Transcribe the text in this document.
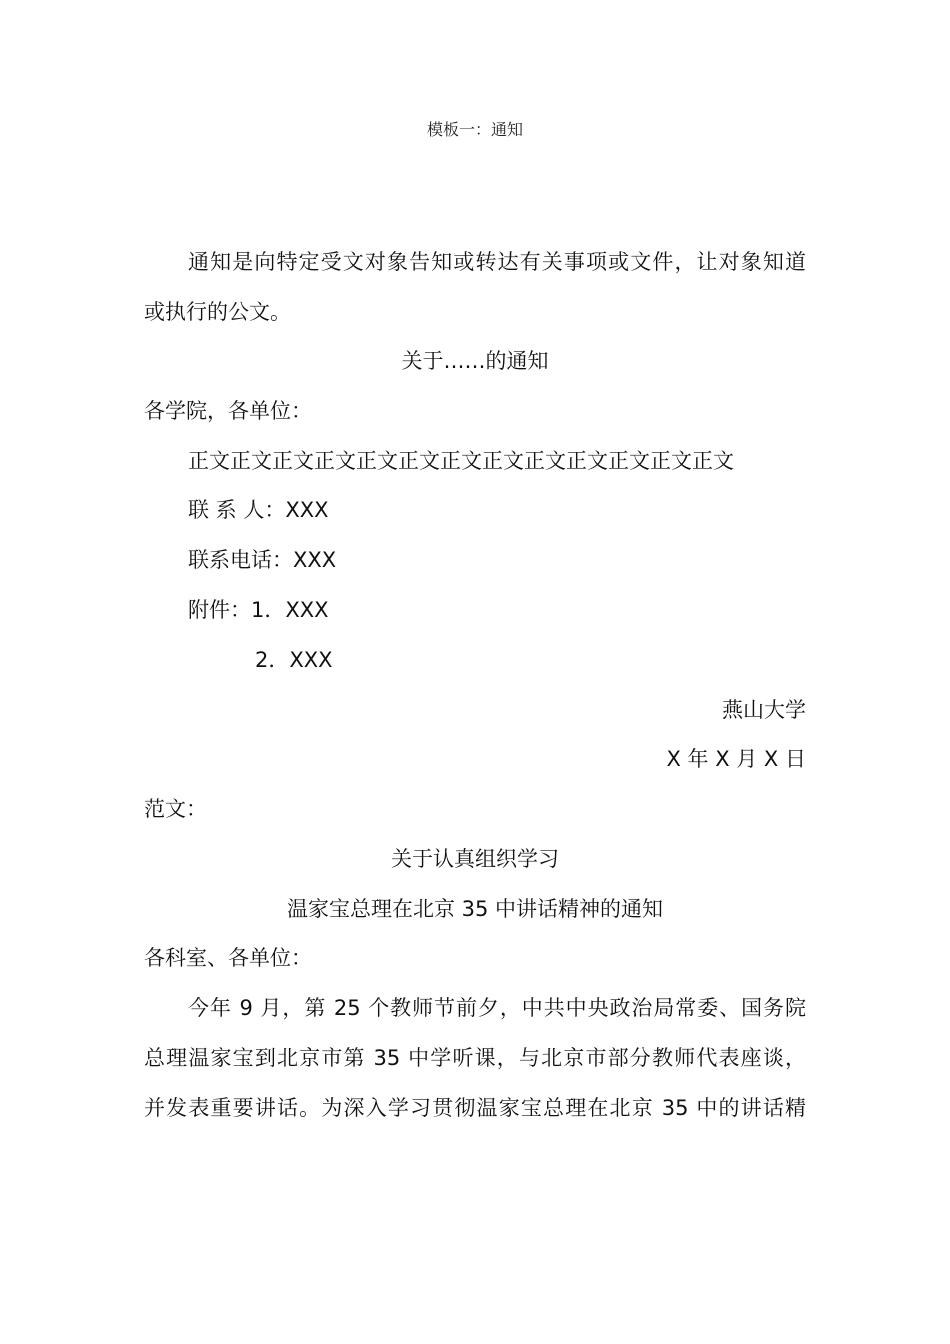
模板一：通知
通知是向特定受文对象告知或转达有关事项或文件，让对象知道
或执行的公文。
关于……的通知
各学院，各单位：
正文正文正文正文正文正文正文正文正文正文正文正文正文
联 系 人：XXX
联系电话：XXX
附件：1．XXX
2．XXX
燕山大学
X 年 X 月 X 日
范文：
关于认真组织学习
温家宝总理在北京 35 中讲话精神的通知
各科室、各单位：
今年 9 月，第 25 个教师节前夕，中共中央政治局常委、国务院
总理温家宝到北京市第 35 中学听课，与北京市部分教师代表座谈，
并发表重要讲话。为深入学习贯彻温家宝总理在北京 35 中的讲话精
